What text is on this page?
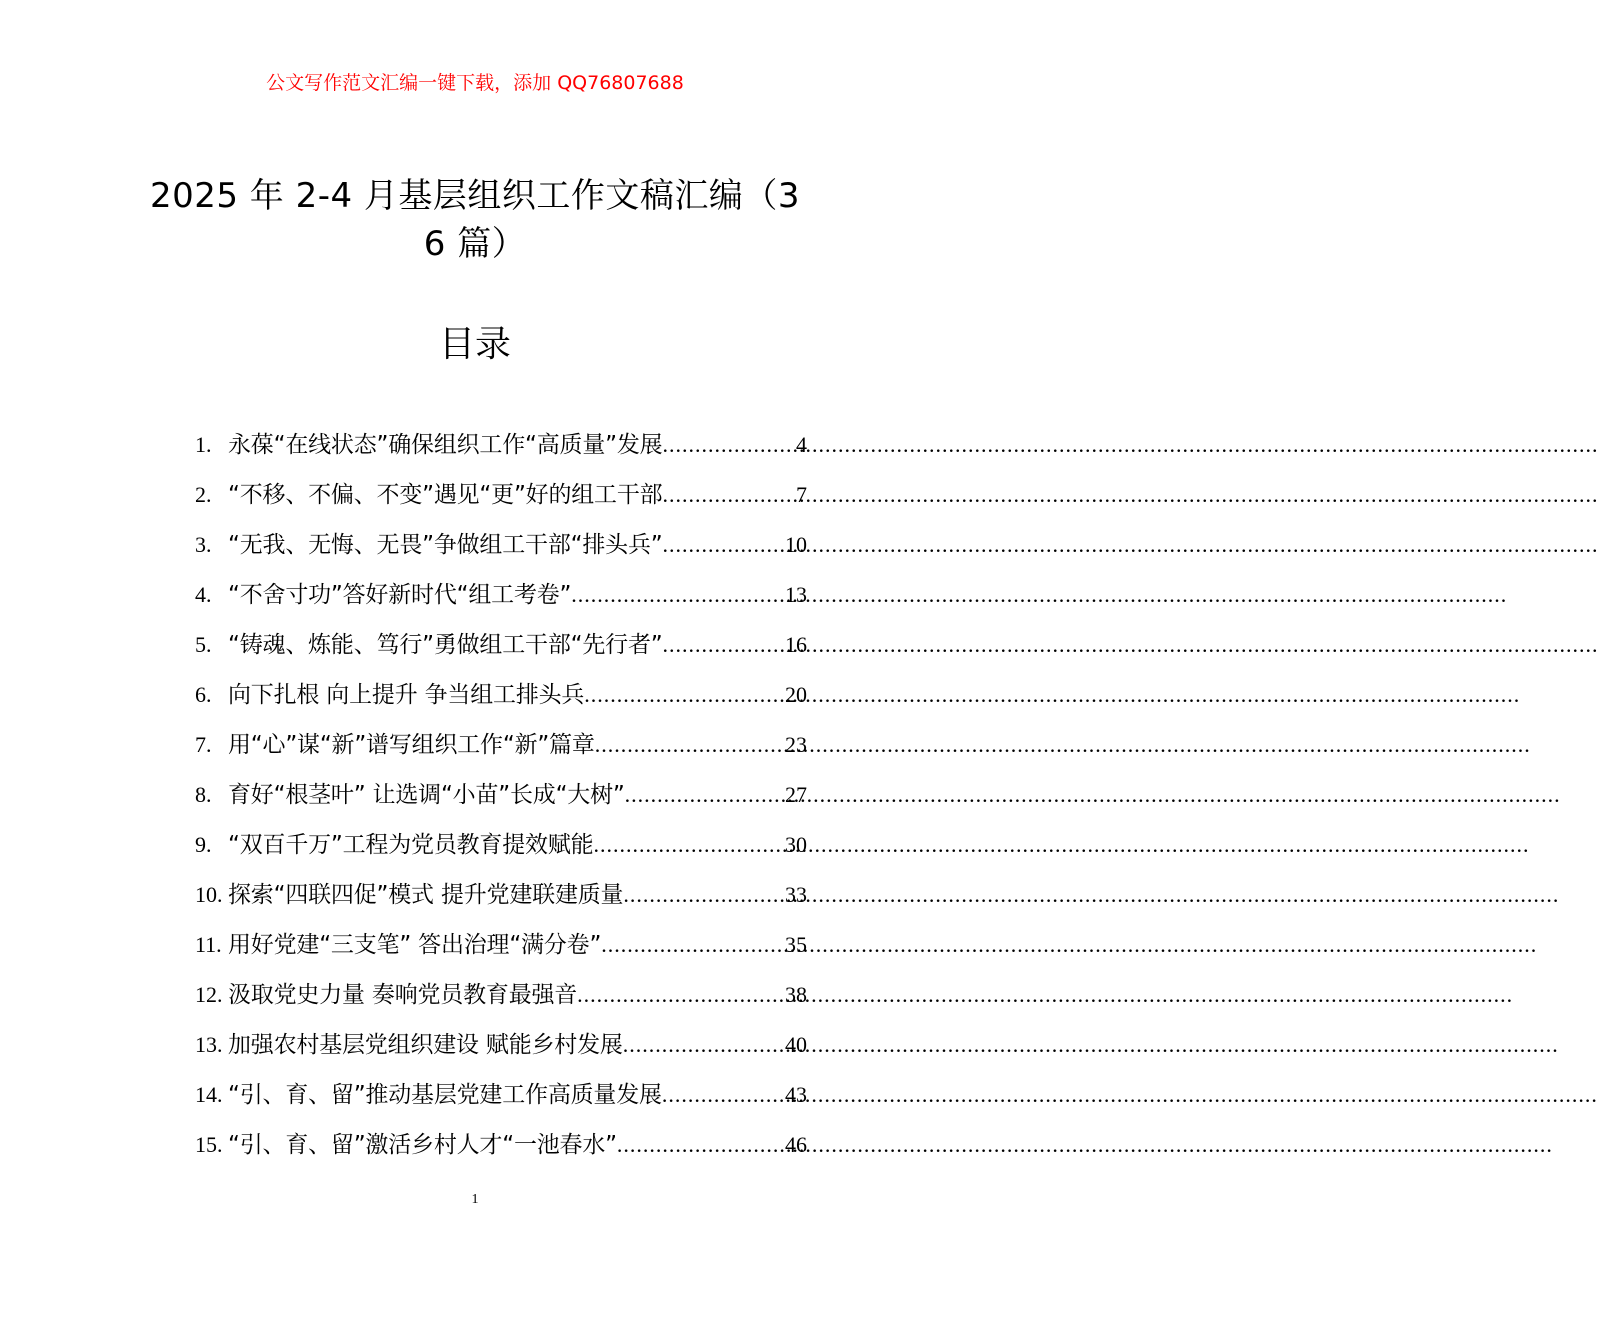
公文写作范文汇编一键下载，添加 QQ76807688
2025 年 2-4 月基层组织工作文稿汇编（3
6 篇）
目录
1. 永葆“在线状态”确保组织工作“高质量”发展 .....	4
2. “不移、不偏、不变”遇见“更”好的组工干部 .....	7
3. “无我、无悔、无畏”争做组工干部“排头兵” .....	10
4. “不舍寸功”答好新时代“组工考卷” .....	13
5. “铸魂、炼能、笃行”勇做组工干部“先行者” .....	16
6. 向下扎根 向上提升 争当组工排头兵 .....	20
7. 用“心”谋“新”谱写组织工作“新”篇章 .....	23
8. 育好“根茎叶” 让选调“小苗”长成“大树” .....	27
9. “双百千万”工程为党员教育提效赋能 .....	30
10. 探索“四联四促”模式 提升党建联建质量 .....	33
11. 用好党建“三支笔” 答出治理“满分卷” .....	35
12. 汲取党史力量 奏响党员教育最强音 .....	38
13. 加强农村基层党组织建设 赋能乡村发展 .....	40
14. “引、育、留”推动基层党建工作高质量发展 .....	43
15. “引、育、留”激活乡村人才“一池春水” .....	46
1
